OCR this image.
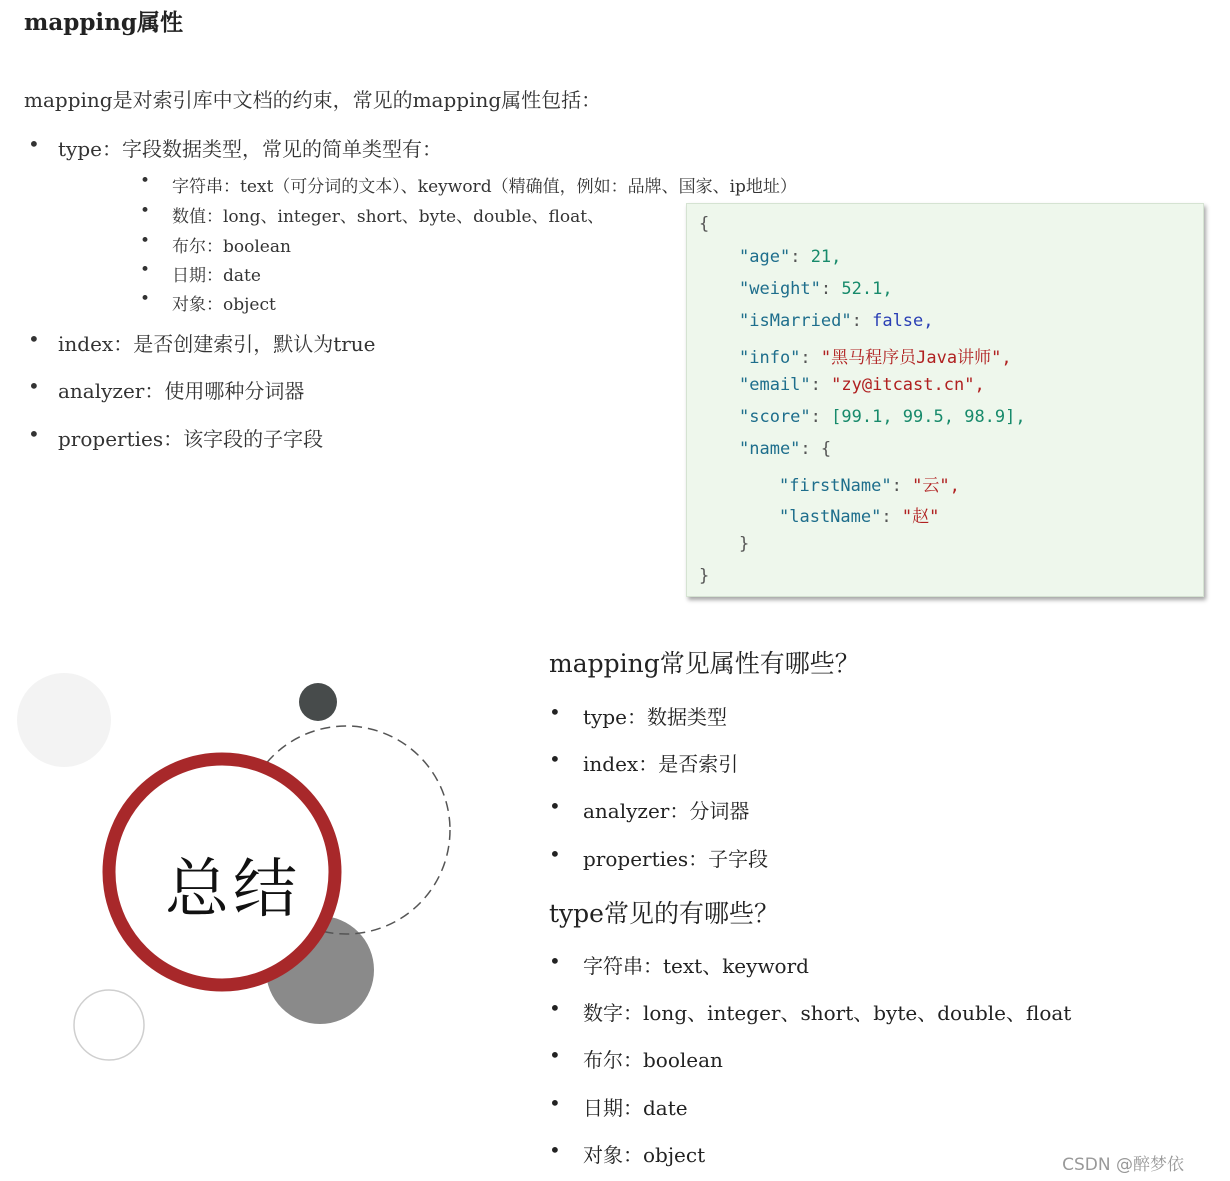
mapping属性
mapping是对索引库中文档的约束，常见的mapping属性包括：
• type：字段数据类型，常见的简单类型有：
• 字符串：text（可分词的文本）、keyword（精确值，例如：品牌、国家、ip地址）
• 数值：long、integer、short、byte、double、float、
• 布尔：boolean
• 日期：date
• 对象：object
• index：是否创建索引，默认为true
• analyzer：使用哪种分词器
• properties：该字段的子字段
{
"age": 21,
"weight": 52.1,
"isMarried": false,
"info": "黑马程序员Java讲师",
"email": "zy@itcast.cn",
"score": [99.1, 99.5, 98.9],
"name": {
"firstName": "云",
"lastName": "赵"
}
}
总结
mapping常见属性有哪些？
• type：数据类型
• index：是否索引
• analyzer：分词器
• properties：子字段
type常见的有哪些？
• 字符串：text、keyword
• 数字：long、integer、short、byte、double、float
• 布尔：boolean
• 日期：date
• 对象：object	CSDN @醉梦依
